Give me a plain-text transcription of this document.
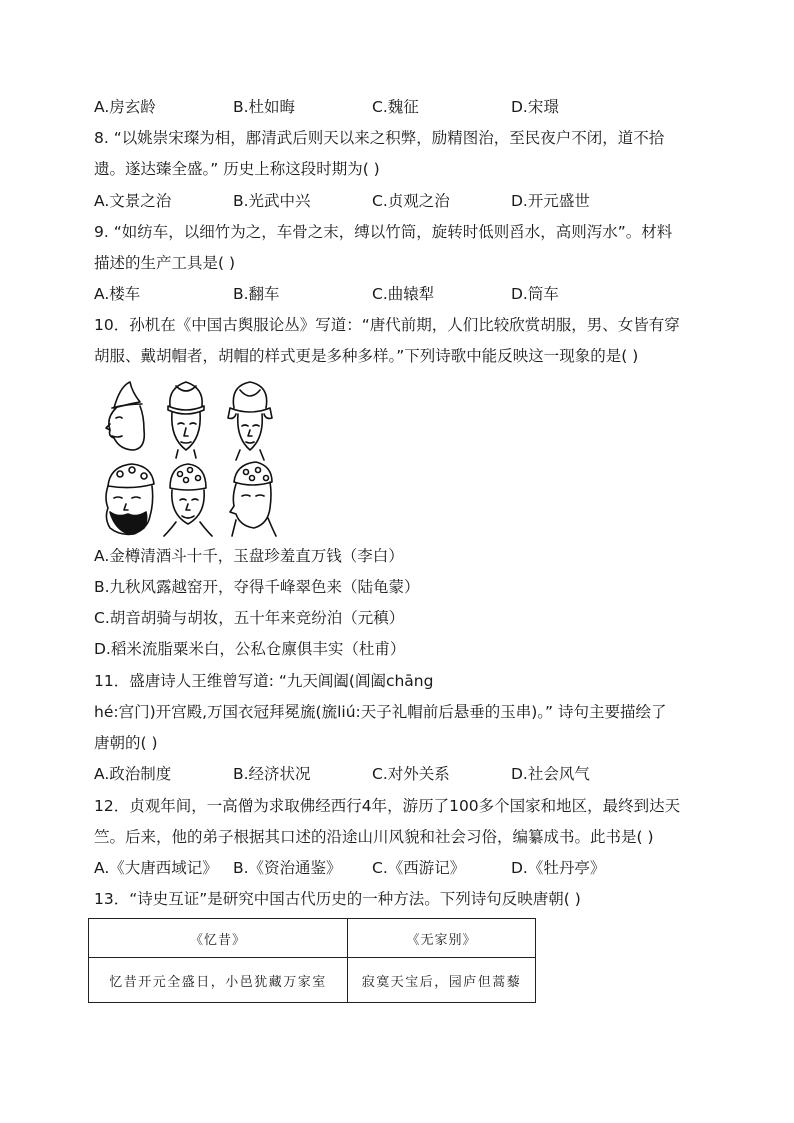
A.房玄龄	B.杜如晦	C.魏征	D.宋璟
8. “以姚崇宋璨为相，鄌清武后则天以来之积弊，励精图治，至民夜户不闭，道不拾
遗。遂达臻全盛。” 历史上称这段时期为( )
A.文景之治	B.光武中兴	C.贞观之治	D.开元盛世
9. “如纺车，以细竹为之，车骨之末，缚以竹筒，旋转时低则舀水，高则泻水”。材料
描述的生产工具是( )
A.楼车	B.翻车	C.曲辕犁	D.筒车
10．孙机在《中国古舆服论丛》写道：“唐代前期，人们比较欣赏胡服，男、女皆有穿
胡服、戴胡帽者，胡帽的样式更是多种多样。”下列诗歌中能反映这一现象的是( )
A.金樽清酒斗十千，玉盘珍羞直万钱（李白）
B.九秋风露越窑开，夺得千峰翠色来（陆龟蒙）
C.胡音胡骑与胡妆，五十年来竞纷泊（元稹）
D.稻米流脂粟米白，公私仓廪俱丰实（杜甫）
11．盛唐诗人王维曾写道: “九天阊阖(阊阖chāng
hé:宫门)开宫殿,万国衣冠拜冕旒(旒liú:天子礼帽前后悬垂的玉串)。” 诗句主要描绘了
唐朝的( )
A.政治制度	B.经济状况	C.对外关系	D.社会风气
12．贞观年间，一高僧为求取佛经西行4年，游历了100多个国家和地区，最终到达天
竺。后来，他的弟子根据其口述的沿途山川风貌和社会习俗，编纂成书。此书是( )
A.《大唐西域记》 B.《资治通鉴》 C.《西游记》	D.《牡丹亭》
13．“诗史互证”是研究中国古代历史的一种方法。下列诗句反映唐朝( )
《忆昔》	《无家别》
忆昔开元全盛日，小邑犹藏万家室	寂寞天宝后，园庐但蒿藜
